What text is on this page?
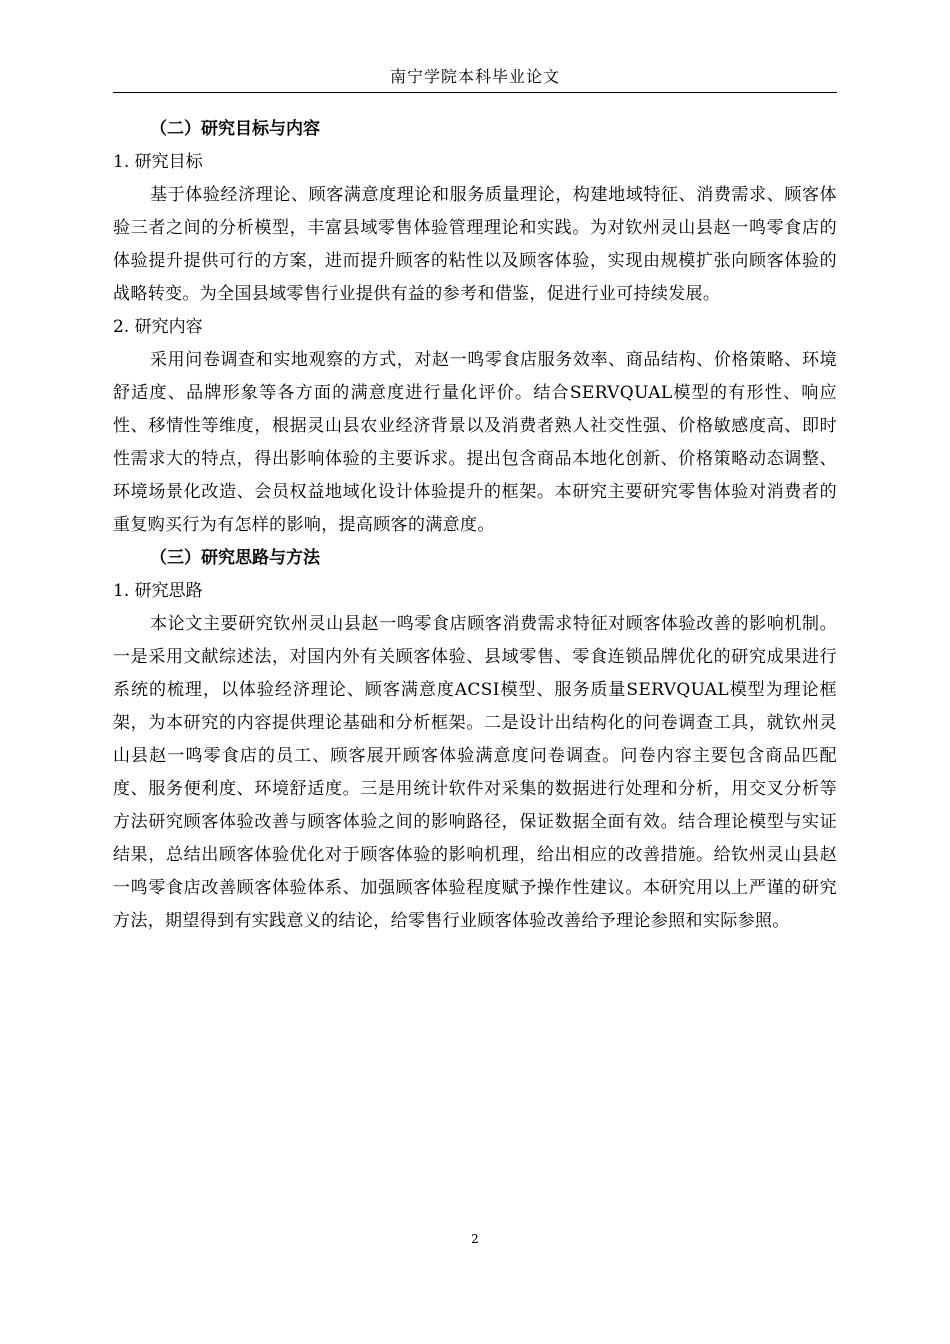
南宁学院本科毕业论文
（二）研究目标与内容
1. 研究目标

基于体验经济理论、顾客满意度理论和服务质量理论，构建地域特征、消费需求、顾客体验三者之间的分析模型，丰富县域零售体验管理理论和实践。为对钦州灵山县赵一鸣零食店的体验提升提供可行的方案，进而提升顾客的粘性以及顾客体验，实现由规模扩张向顾客体验的战略转变。为全国县域零售行业提供有益的参考和借鉴，促进行业可持续发展。

2. 研究内容

采用问卷调查和实地观察的方式，对赵一鸣零食店服务效率、商品结构、价格策略、环境舒适度、品牌形象等各方面的满意度进行量化评价。结合SERVQUAL模型的有形性、响应性、移情性等维度，根据灵山县农业经济背景以及消费者熟人社交性强、价格敏感度高、即时性需求大的特点，得出影响体验的主要诉求。提出包含商品本地化创新、价格策略动态调整、环境场景化改造、会员权益地域化设计体验提升的框架。本研究主要研究零售体验对消费者的重复购买行为有怎样的影响，提高顾客的满意度。

（三）研究思路与方法
1. 研究思路

本论文主要研究钦州灵山县赵一鸣零食店顾客消费需求特征对顾客体验改善的影响机制。一是采用文献综述法，对国内外有关顾客体验、县域零售、零食连锁品牌优化的研究成果进行系统的梳理，以体验经济理论、顾客满意度ACSI模型、服务质量SERVQUAL模型为理论框架，为本研究的内容提供理论基础和分析框架。二是设计出结构化的问卷调查工具，就钦州灵山县赵一鸣零食店的员工、顾客展开顾客体验满意度问卷调查。问卷内容主要包含商品匹配度、服务便利度、环境舒适度。三是用统计软件对采集的数据进行处理和分析，用交叉分析等方法研究顾客体验改善与顾客体验之间的影响路径，保证数据全面有效。结合理论模型与实证结果，总结出顾客体验优化对于顾客体验的影响机理，给出相应的改善措施。给钦州灵山县赵一鸣零食店改善顾客体验体系、加强顾客体验程度赋予操作性建议。本研究用以上严谨的研究方法，期望得到有实践意义的结论，给零售行业顾客体验改善给予理论参照和实际参照。

2
